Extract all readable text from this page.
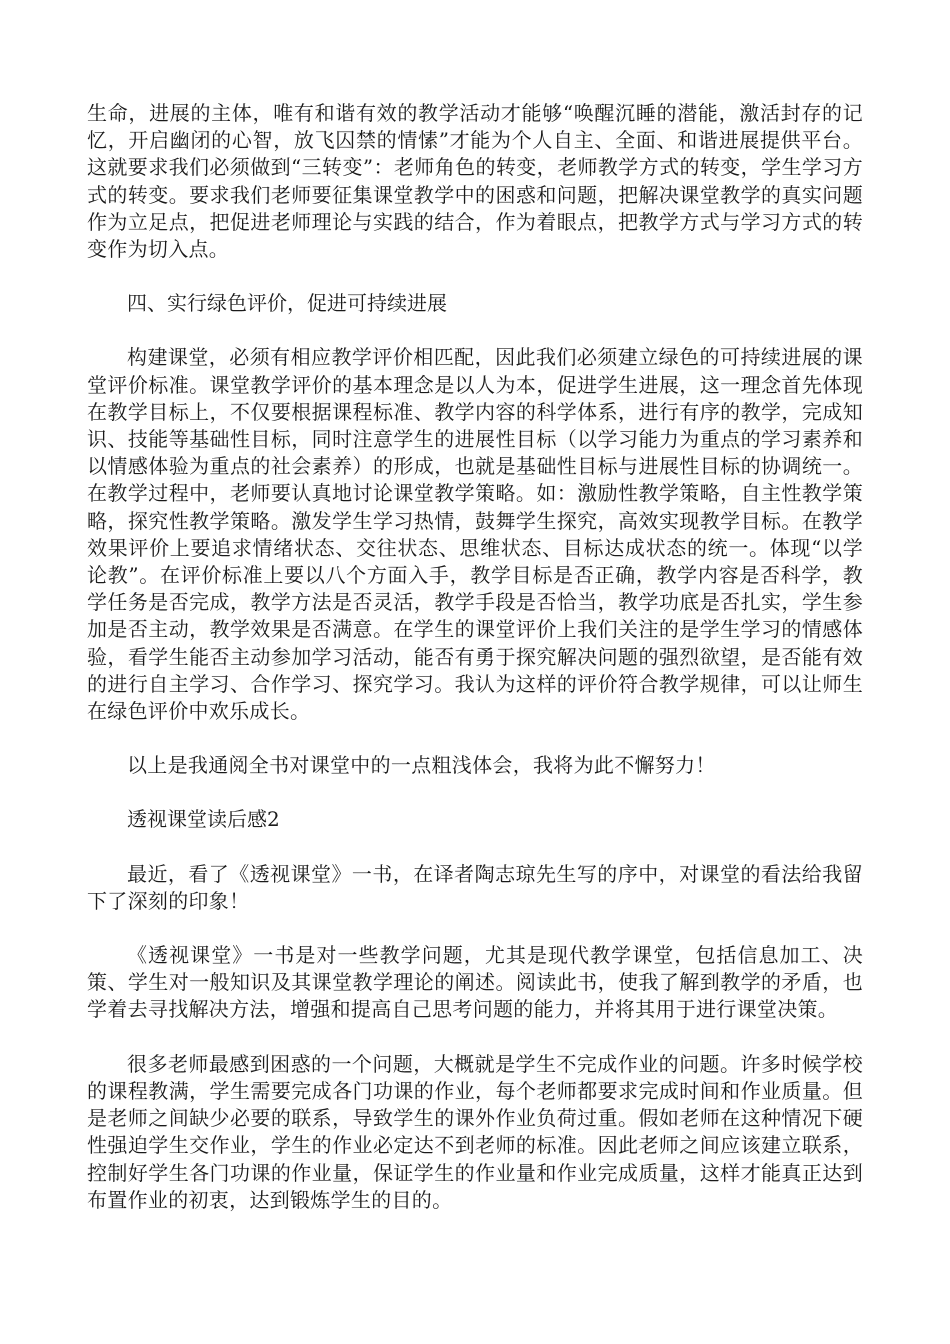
生命，进展的主体，唯有和谐有效的教学活动才能够“唤醒沉睡的潜能，激活封存的记忆，开启幽闭的心智，放飞囚禁的情愫”才能为个人自主、全面、和谐进展提供平台。这就要求我们必须做到“三转变”：老师角色的转变，老师教学方式的转变，学生学习方式的转变。要求我们老师要征集课堂教学中的困惑和问题，把解决课堂教学的真实问题作为立足点，把促进老师理论与实践的结合，作为着眼点，把教学方式与学习方式的转变作为切入点。

四、实行绿色评价，促进可持续进展

构建课堂，必须有相应教学评价相匹配，因此我们必须建立绿色的可持续进展的课堂评价标准。课堂教学评价的基本理念是以人为本，促进学生进展，这一理念首先体现在教学目标上，不仅要根据课程标准、教学内容的科学体系，进行有序的教学，完成知识、技能等基础性目标，同时注意学生的进展性目标（以学习能力为重点的学习素养和以情感体验为重点的社会素养）的形成，也就是基础性目标与进展性目标的协调统一。在教学过程中，老师要认真地讨论课堂教学策略。如：激励性教学策略，自主性教学策略，探究性教学策略。激发学生学习热情，鼓舞学生探究，高效实现教学目标。在教学效果评价上要追求情绪状态、交往状态、思维状态、目标达成状态的统一。体现“以学论教”。在评价标准上要以八个方面入手，教学目标是否正确，教学内容是否科学，教学任务是否完成，教学方法是否灵活，教学手段是否恰当，教学功底是否扎实，学生参加是否主动，教学效果是否满意。在学生的课堂评价上我们关注的是学生学习的情感体验，看学生能否主动参加学习活动，能否有勇于探究解决问题的强烈欲望，是否能有效的进行自主学习、合作学习、探究学习。我认为这样的评价符合教学规律，可以让师生在绿色评价中欢乐成长。

以上是我通阅全书对课堂中的一点粗浅体会，我将为此不懈努力！

透视课堂读后感2

最近，看了《透视课堂》一书，在译者陶志琼先生写的序中，对课堂的看法给我留下了深刻的印象！

《透视课堂》一书是对一些教学问题，尤其是现代教学课堂，包括信息加工、决策、学生对一般知识及其课堂教学理论的阐述。阅读此书，使我了解到教学的矛盾，也学着去寻找解决方法，增强和提高自己思考问题的能力，并将其用于进行课堂决策。

很多老师最感到困惑的一个问题，大概就是学生不完成作业的问题。许多时候学校的课程教满，学生需要完成各门功课的作业，每个老师都要求完成时间和作业质量。但是老师之间缺少必要的联系，导致学生的课外作业负荷过重。假如老师在这种情况下硬性强迫学生交作业，学生的作业必定达不到老师的标准。因此老师之间应该建立联系，控制好学生各门功课的作业量，保证学生的作业量和作业完成质量，这样才能真正达到布置作业的初衷，达到锻炼学生的目的。
